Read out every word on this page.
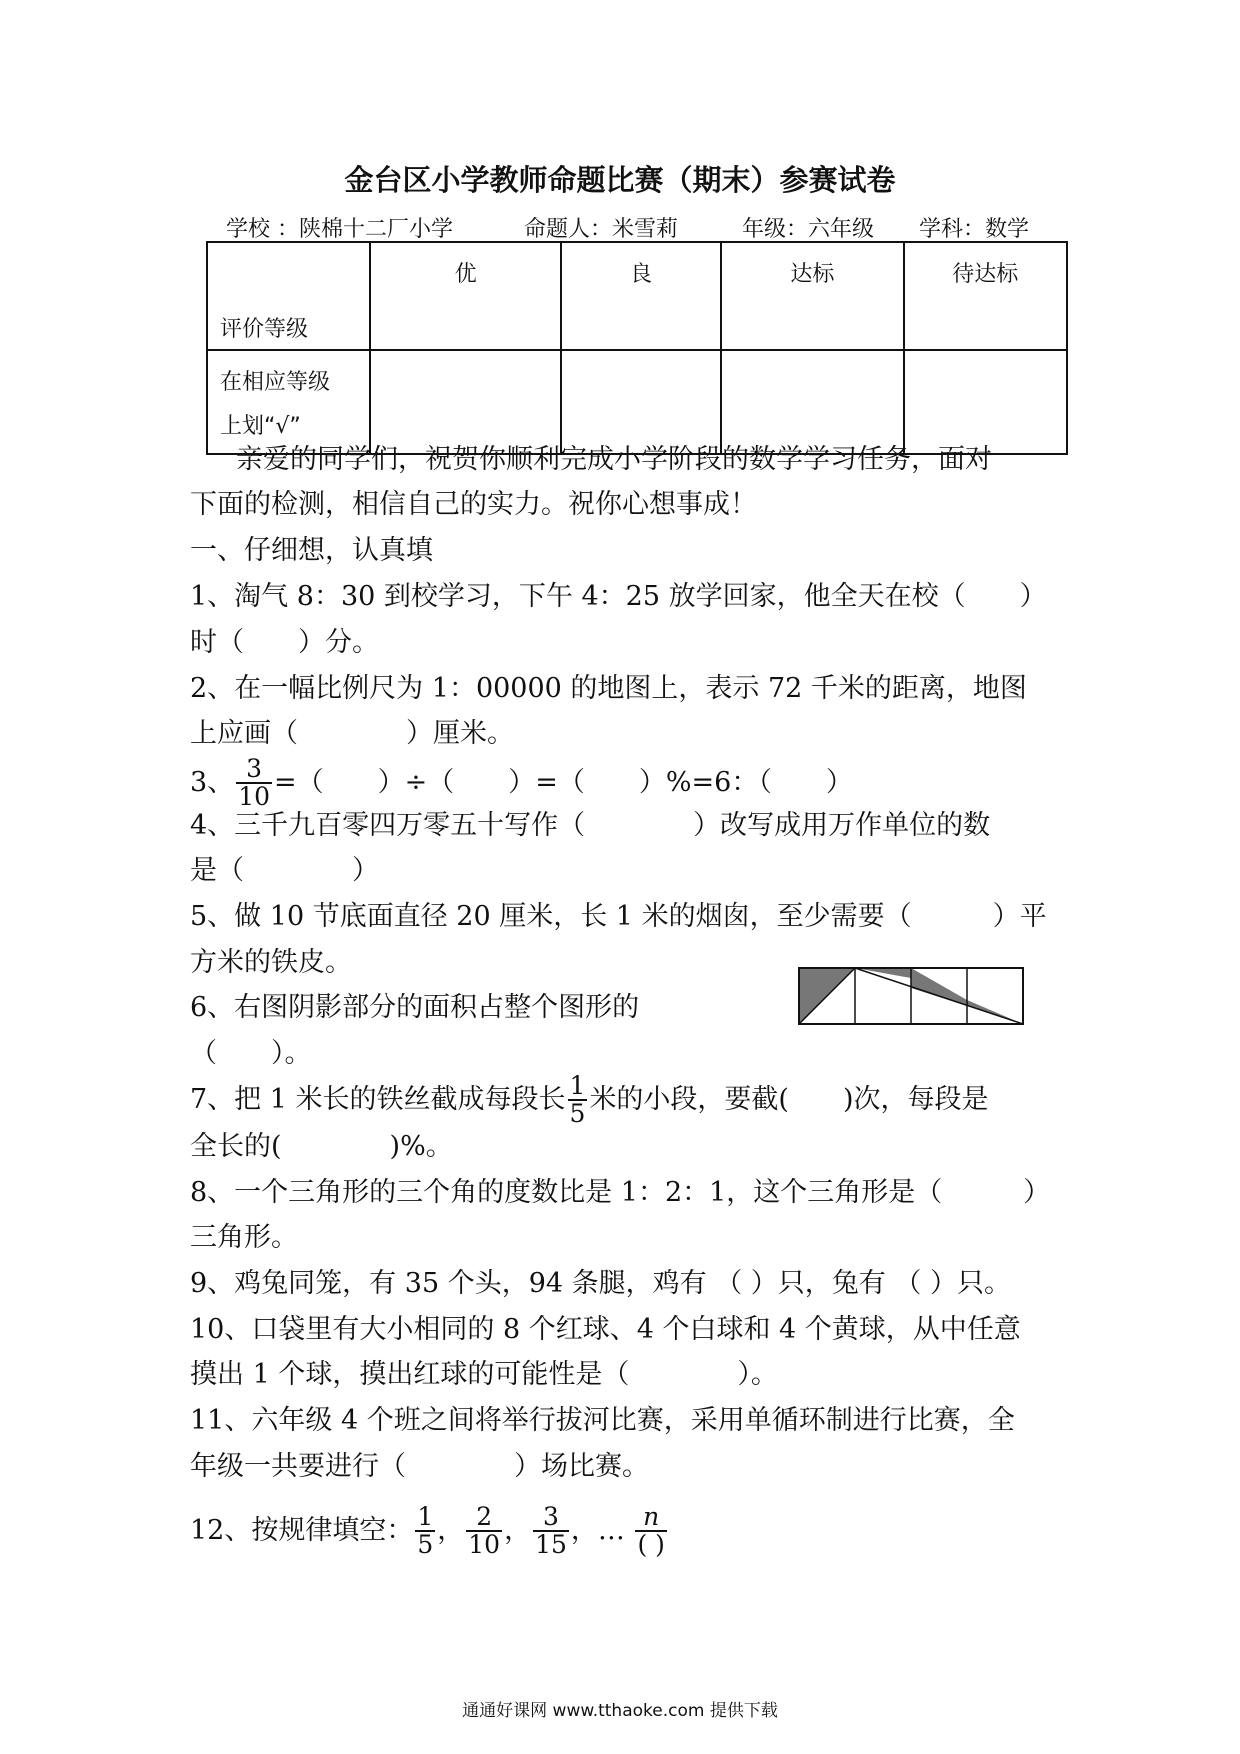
金台区小学教师命题比赛（期末）参赛试卷
学校 ：陕棉十二厂小学	命题人：米雪莉	年级：六年级 学科：数学
评价等级	优	良	达标	待达标

在相应等级
上划“√”				

亲爱的同学们，祝贺你顺利完成小学阶段的数学学习任务，面对
下面的检测，相信自己的实力。祝你心想事成！
一、仔细想，认真填
1、淘气 8：30 到校学习，下午 4：25 放学回家，他全天在校（　　）
时（　　）分。
2、在一幅比例尺为 1：00000 的地图上，表示 72 千米的距离，地图
上应画（　　　　）厘米。
3、 $\frac{3}{10}$ =（　　）÷（　　）=（　　）%=6：（　　）
4、三千九百零四万零五十写作（　　　　）改写成用万作单位的数
是（　　　　）
5、做 10 节底面直径 20 厘米，长 1 米的烟囱，至少需要（　　　）平
方米的铁皮。
6、右图阴影部分的面积占整个图形的
（　　）。
7、把 1 米长的铁丝截成每段长 $\frac{1}{5}$ 米的小段，要截(　　)次，每段是
全长的(　　　　)%。
8、一个三角形的三个角的度数比是 1：2：1，这个三角形是（　　　）
三角形。
9、鸡兔同笼，有 35 个头，94 条腿，鸡有 （ ）只，兔有 （ ）只。
10、口袋里有大小相同的 8 个红球、4 个白球和 4 个黄球，从中任意
摸出 1 个球，摸出红球的可能性是（　　　　）。
11、六年级 4 个班之间将举行拔河比赛，采用单循环制进行比赛，全
年级一共要进行（　　　　）场比赛。
12、按规律填空： $\frac{1}{5}$ ， $\frac{2}{10}$ ， $\frac{3}{15}$ ，… $\frac{n}{( )}$
通通好课网 www.tthaoke.com 提供下载
